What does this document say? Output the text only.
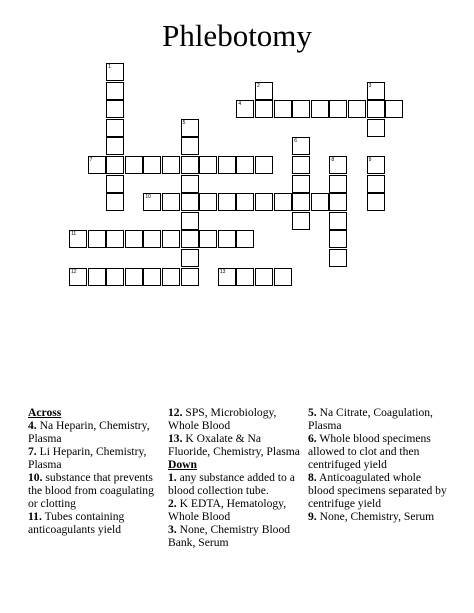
Phlebotomy
1
2	3
4
5
6
7	8	9
10
11
12	13
Across
4. Na Heparin, Chemistry, Plasma
7. Li Heparin, Chemistry, Plasma
10. substance that prevents the blood from coagulating or clotting
11. Tubes containing anticoagulants yield
12. SPS, Microbiology, Whole Blood
13. K Oxalate & Na Fluoride, Chemistry, Plasma
Down
1. any substance added to a blood collection tube.
2. K EDTA, Hematology, Whole Blood
3. None, Chemistry Blood Bank, Serum
5. Na Citrate, Coagulation, Plasma
6. Whole blood specimens allowed to clot and then centrifuged yield
8. Anticoagulated whole blood specimens separated by centrifuge yield
9. None, Chemistry, Serum
